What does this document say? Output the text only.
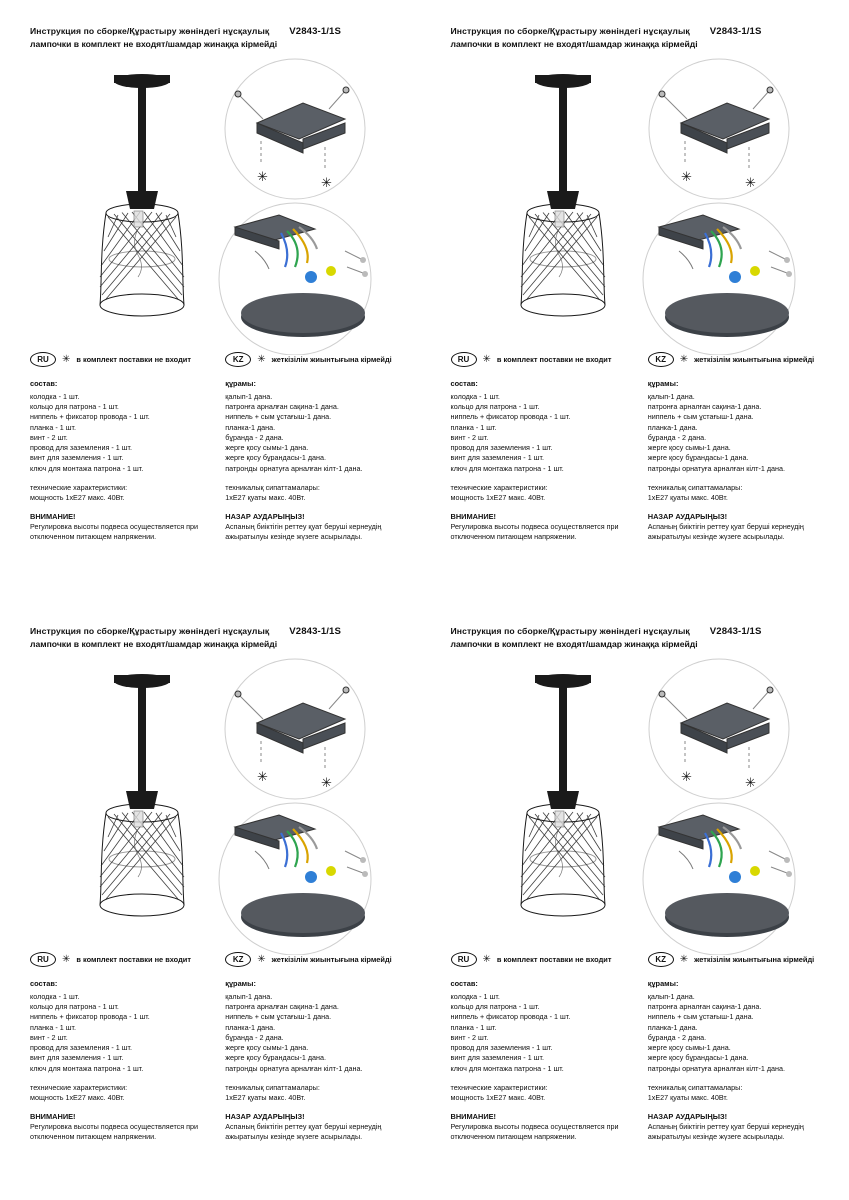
Инструкция по сборке/Құрастыру жөніндегі нұсқаулық V2843-1/1S
лампочки в комплект не входят/шамдар жинаққа кірмейді
✳	✳
RU	✳ в комплект поставки не входит
состав:
колодка - 1 шт.
кольцо для патрона - 1 шт.
ниппель + фиксатор провода - 1 шт.
планка - 1 шт.
винт - 2 шт.
провод для заземления - 1 шт.
винт для заземления - 1 шт.
ключ для монтажа патрона - 1 шт.
технические характеристики:
мощность 1хЕ27 макс. 40Вт.
ВНИМАНИЕ!
Регулировка высоты подвеса осуществляется при отключенном питающем напряжении.
KZ	✳ жеткізілім жиынтығына кірмейді
құрамы:
қалып-1 дана.
патронға арналған сақина-1 дана.
ниппель + сым ұстағыш-1 дана.
планка-1 дана.
бұранда - 2 дана.
жерге қосу сымы-1 дана.
жерге қосу бұрандасы-1 дана.
патронды орнатуға арналған кілт-1 дана.
техникалық сипаттамалары:
1хЕ27 қуаты макс. 40Вт.
НАЗАР АУДАРЫҢЫЗ!
Аспаның биіктігін реттеу қуат беруші кернеудің ажыратылуы кезінде жүзеге асырылады.
Инструкция по сборке/Құрастыру жөніндегі нұсқаулық V2843-1/1S
лампочки в комплект не входят/шамдар жинаққа кірмейді
✳	✳
RU	✳ в комплект поставки не входит
состав:
колодка - 1 шт.
кольцо для патрона - 1 шт.
ниппель + фиксатор провода - 1 шт.
планка - 1 шт.
винт - 2 шт.
провод для заземления - 1 шт.
винт для заземления - 1 шт.
ключ для монтажа патрона - 1 шт.
технические характеристики:
мощность 1хЕ27 макс. 40Вт.
ВНИМАНИЕ!
Регулировка высоты подвеса осуществляется при отключенном питающем напряжении.
KZ	✳ жеткізілім жиынтығына кірмейді
құрамы:
қалып-1 дана.
патронға арналған сақина-1 дана.
ниппель + сым ұстағыш-1 дана.
планка-1 дана.
бұранда - 2 дана.
жерге қосу сымы-1 дана.
жерге қосу бұрандасы-1 дана.
патронды орнатуға арналған кілт-1 дана.
техникалық сипаттамалары:
1хЕ27 қуаты макс. 40Вт.
НАЗАР АУДАРЫҢЫЗ!
Аспаның биіктігін реттеу қуат беруші кернеудің ажыратылуы кезінде жүзеге асырылады.
Инструкция по сборке/Құрастыру жөніндегі нұсқаулық V2843-1/1S
лампочки в комплект не входят/шамдар жинаққа кірмейді
✳	✳
RU	✳ в комплект поставки не входит
состав:
колодка - 1 шт.
кольцо для патрона - 1 шт.
ниппель + фиксатор провода - 1 шт.
планка - 1 шт.
винт - 2 шт.
провод для заземления - 1 шт.
винт для заземления - 1 шт.
ключ для монтажа патрона - 1 шт.
технические характеристики:
мощность 1хЕ27 макс. 40Вт.
ВНИМАНИЕ!
Регулировка высоты подвеса осуществляется при отключенном питающем напряжении.
KZ	✳ жеткізілім жиынтығына кірмейді
құрамы:
қалып-1 дана.
патронға арналған сақина-1 дана.
ниппель + сым ұстағыш-1 дана.
планка-1 дана.
бұранда - 2 дана.
жерге қосу сымы-1 дана.
жерге қосу бұрандасы-1 дана.
патронды орнатуға арналған кілт-1 дана.
техникалық сипаттамалары:
1хЕ27 қуаты макс. 40Вт.
НАЗАР АУДАРЫҢЫЗ!
Аспаның биіктігін реттеу қуат беруші кернеудің ажыратылуы кезінде жүзеге асырылады.
Инструкция по сборке/Құрастыру жөніндегі нұсқаулық V2843-1/1S
лампочки в комплект не входят/шамдар жинаққа кірмейді
✳	✳
RU	✳ в комплект поставки не входит
состав:
колодка - 1 шт.
кольцо для патрона - 1 шт.
ниппель + фиксатор провода - 1 шт.
планка - 1 шт.
винт - 2 шт.
провод для заземления - 1 шт.
винт для заземления - 1 шт.
ключ для монтажа патрона - 1 шт.
технические характеристики:
мощность 1хЕ27 макс. 40Вт.
ВНИМАНИЕ!
Регулировка высоты подвеса осуществляется при отключенном питающем напряжении.
KZ	✳ жеткізілім жиынтығына кірмейді
құрамы:
қалып-1 дана.
патронға арналған сақина-1 дана.
ниппель + сым ұстағыш-1 дана.
планка-1 дана.
бұранда - 2 дана.
жерге қосу сымы-1 дана.
жерге қосу бұрандасы-1 дана.
патронды орнатуға арналған кілт-1 дана.
техникалық сипаттамалары:
1хЕ27 қуаты макс. 40Вт.
НАЗАР АУДАРЫҢЫЗ!
Аспаның биіктігін реттеу қуат беруші кернеудің ажыратылуы кезінде жүзеге асырылады.
